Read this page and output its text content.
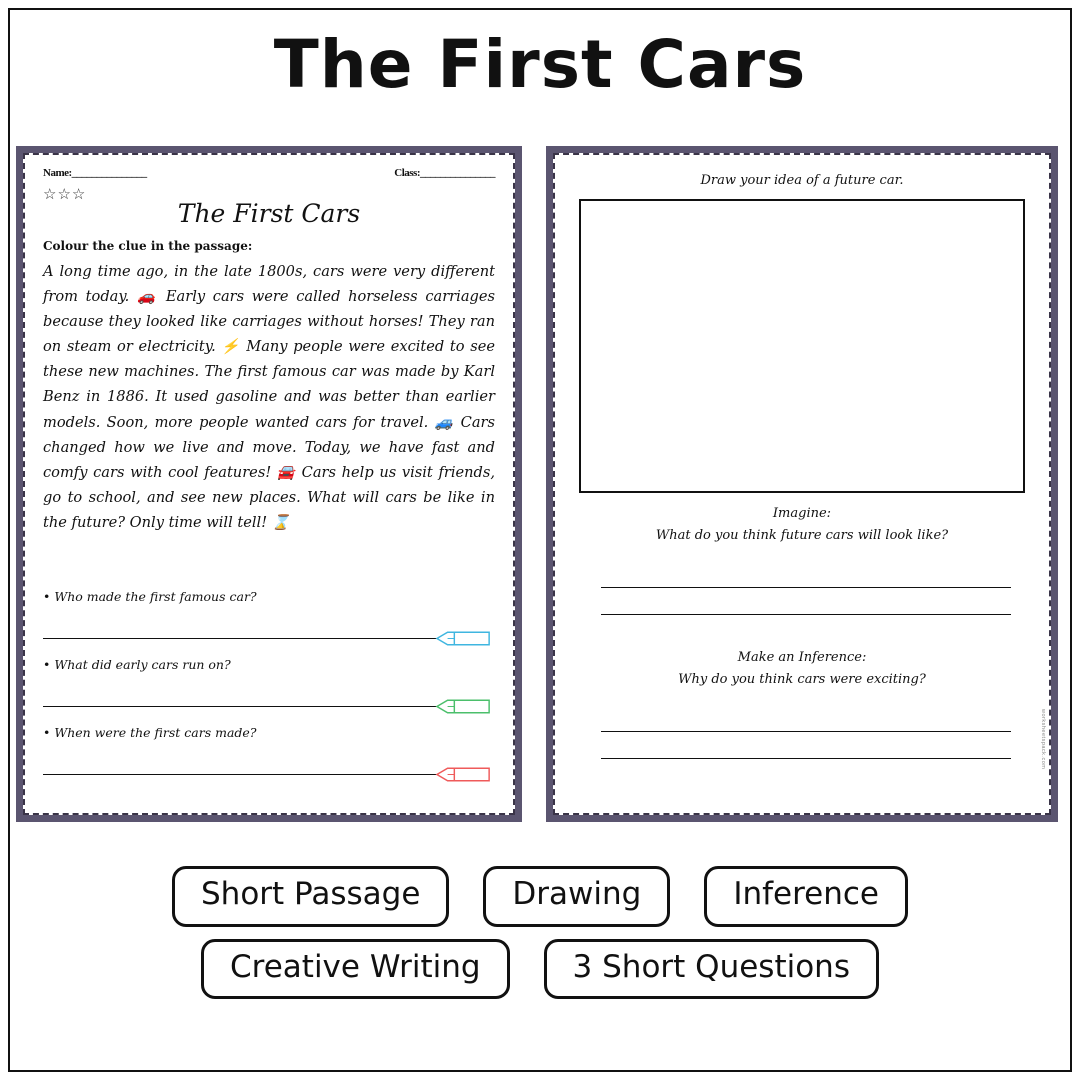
The First Cars
Name:_______________	Class:_______________
☆☆☆
The First Cars
Colour the clue in the passage:
A long time ago, in the late 1800s, cars were very different from today. 🚗 Early cars were called horseless carriages because they looked like carriages without horses! They ran on steam or electricity. ⚡ Many people were excited to see these new machines. The first famous car was made by Karl Benz in 1886. It used gasoline and was better than earlier models. Soon, more people wanted cars for travel. 🚙 Cars changed how we live and move. Today, we have fast and comfy cars with cool features! 🚘 Cars help us visit friends, go to school, and see new places. What will cars be like in the future? Only time will tell! ⌛
• Who made the first famous car?
• What did early cars run on?
• When were the first cars made?
Draw your idea of a future car.
Imagine:
What do you think future cars will look like?
Make an Inference:
Why do you think cars were exciting?
worksheetspack.com
Short Passage	Drawing	Inference
Creative Writing	3 Short Questions
